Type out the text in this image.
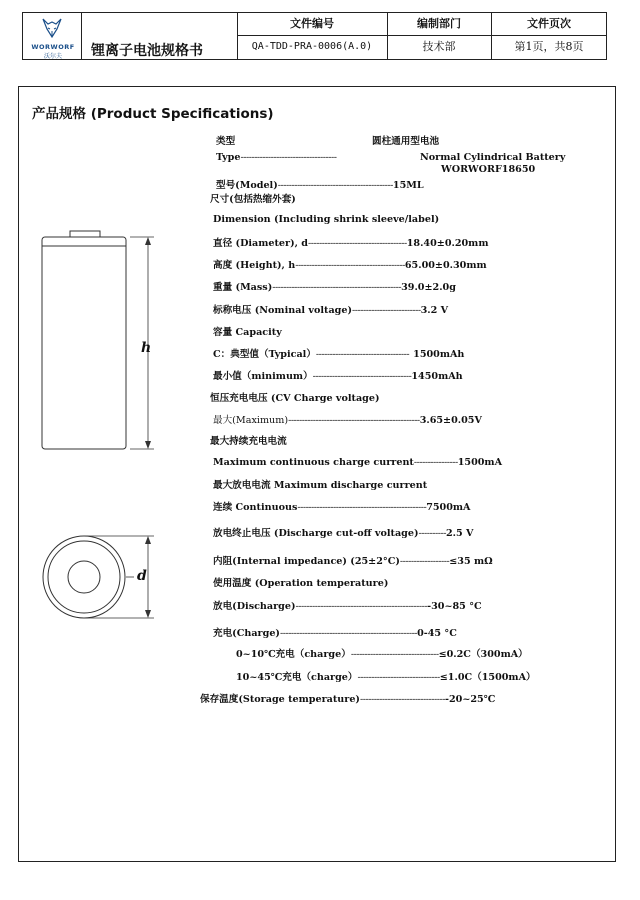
WORWORF
沃尔夫	锂离子电池规格书
文件编号	编制部门	文件页次
QA-TDD-PRA-0006(A.0)	技术部	第1页，共8页
产品规格 (Product Specifications)
h
d
类型	圆柱通用型电池
Type-----------------------------------	Normal Cylindrical Battery
WORWORF18650
型号(Model)------------------------------------------15ML
尺寸(包括热缩外套)
Dimension (Including shrink sleeve/label)
直径 (Diameter), d------------------------------------18.40±0.20mm
高度 (Height), h----------------------------------------65.00±0.30mm
重量 (Mass)-----------------------------------------------39.0±2.0g
标称电压 (Nominal voltage)-------------------------3.2 V
容量 Capacity
C：典型值（Typical）---------------------------------- 1500mAh
最小值（minimum）------------------------------------1450mAh
恒压充电电压 (CV Charge voltage)
最大(Maximum)------------------------------------------------3.65±0.05V
最大持续充电电流
Maximum continuous charge current----------------1500mA
最大放电电流 Maximum discharge current
连续 Continuous-----------------------------------------------7500mA
放电终止电压 (Discharge cut-off voltage)----------2.5 V
内阻(Internal impedance) (25±2°C)------------------≤35 mΩ
使用温度 (Operation temperature)
放电(Discharge)-------------------------------------------------30~85 °C
充电(Charge)--------------------------------------------------0-45 °C
0~10℃充电（charge）--------------------------------≤0.2C（300mA）
10~45℃充电（charge）------------------------------≤1.0C（1500mA）
保存温度(Storage temperature)--------------------------------20~25℃
